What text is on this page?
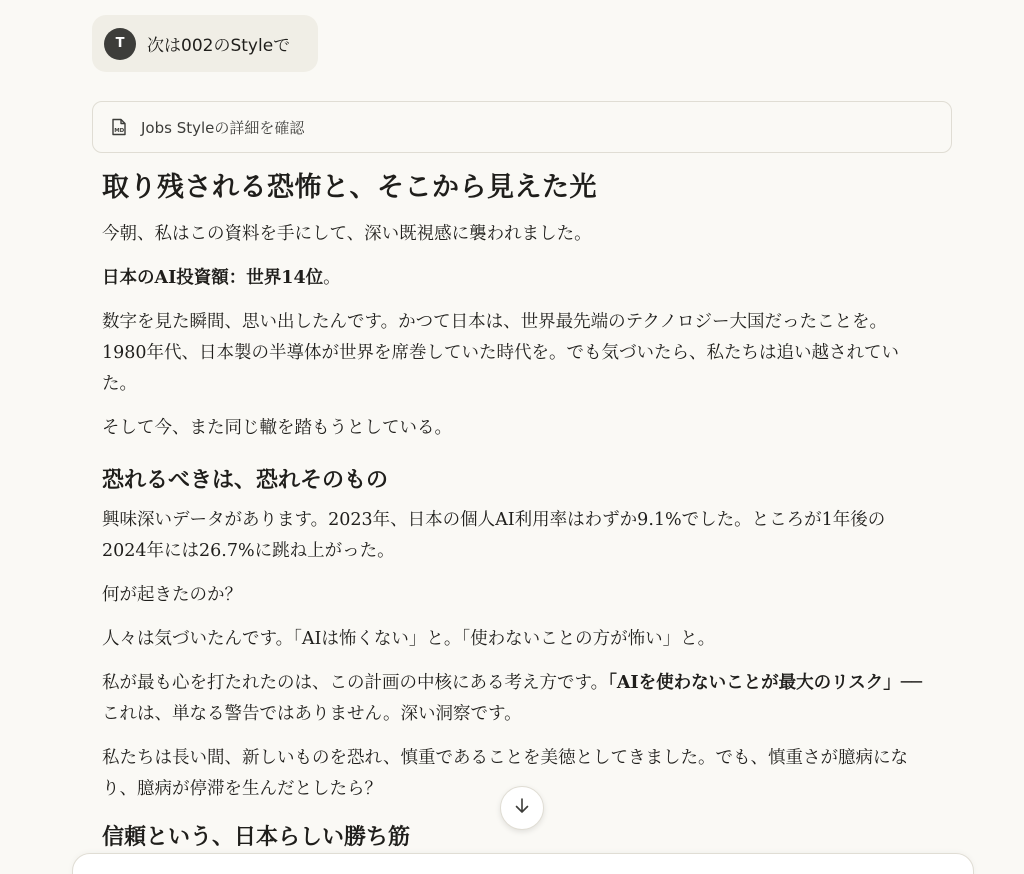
T	次は002のStyleで
MD Jobs Styleの詳細を確認
取り残される恐怖と、そこから見えた光

今朝、私はこの資料を手にして、深い既視感に襲われました。

日本のAI投資額：世界14位。

数字を見た瞬間、思い出したんです。かつて日本は、世界最先端のテクノロジー大国だったことを。1980年代、日本製の半導体が世界を席巻していた時代を。でも気づいたら、私たちは追い越されていた。

そして今、また同じ轍を踏もうとしている。

恐れるべきは、恐れそのもの

興味深いデータがあります。2023年、日本の個人AI利用率はわずか9.1%でした。ところが1年後の2024年には26.7%に跳ね上がった。

何が起きたのか？

人々は気づいたんです。「AIは怖くない」と。「使わないことの方が怖い」と。

私が最も心を打たれたのは、この計画の中核にある考え方です。「AIを使わないことが最大のリスク」──これは、単なる警告ではありません。深い洞察です。

私たちは長い間、新しいものを恐れ、慎重であることを美徳としてきました。でも、慎重さが臆病になり、臆病が停滞を生んだとしたら？

信頼という、日本らしい勝ち筋
